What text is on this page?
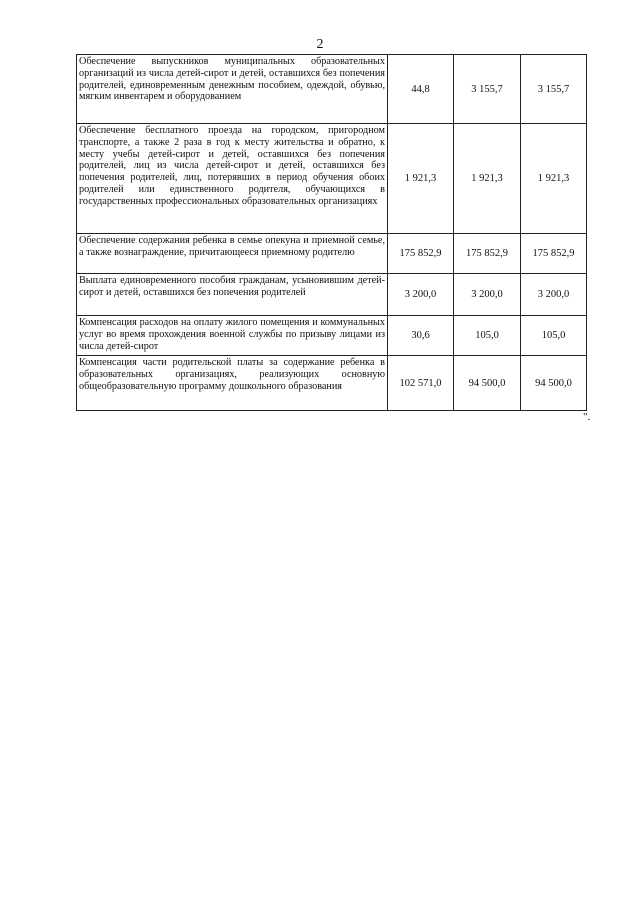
2
Обеспечение выпускников муниципальных образовательных организаций из числа детей-сирот и детей, оставшихся без попечения родителей, единовременным денежным пособием, одеждой, обувью, мягким инвентарем и оборудованием	44,8	3 155,7	3 155,7
Обеспечение бесплатного проезда на городском, пригородном транспорте, а также 2 раза в год к месту жительства и обратно, к месту учебы детей-сирот и детей, оставшихся без попечения родителей, лиц из числа детей-сирот и детей, оставшихся без попечения родителей, лиц, потерявших в период обучения обоих родителей или единственного родителя, обучающихся в государственных профессиональных образовательных организациях	1 921,3	1 921,3	1 921,3
Обеспечение содержания ребенка в семье опекуна и приемной семье, а также вознаграждение, причитающееся приемному родителю	175 852,9	175 852,9	175 852,9
Выплата единовременного пособия гражданам, усыновившим детей-сирот и детей, оставшихся без попечения родителей	3 200,0	3 200,0	3 200,0
Компенсация расходов на оплату жилого помещения и коммунальных услуг во время прохождения военной службы по призыву лицами из числа детей-сирот	30,6	105,0	105,0
Компенсация части родительской платы за содержание ребенка в образовательных организациях, реализующих основную общеобразовательную программу дошкольного образования	102 571,0	94 500,0	94 500,0
".
